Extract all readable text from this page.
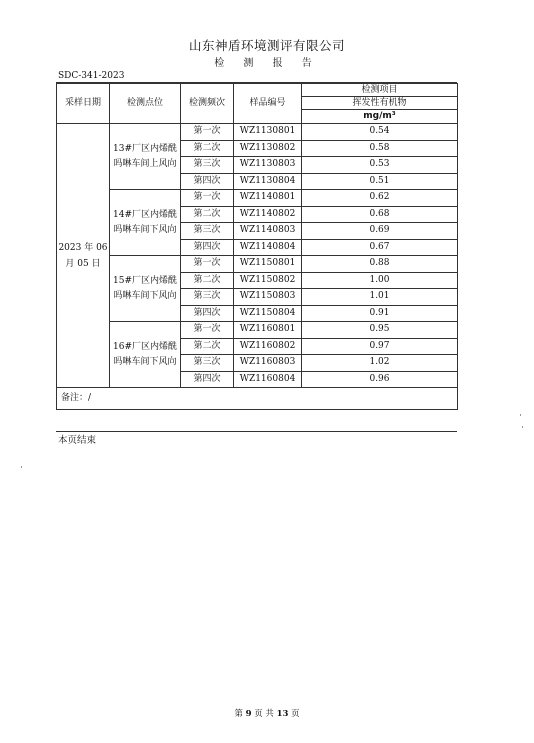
山东神盾环境测评有限公司
检 测 报 告
SDC-341-2023
采样日期	检测点位	检测频次	样品编号	检测项目
				挥发性有机物
				mg/m³
2023 年 06 月 05 日	13#厂区内烯酰吗啉车间上风向	第一次	WZ1130801	0.54
		第二次	WZ1130802	0.58
		第三次	WZ1130803	0.53
		第四次	WZ1130804	0.51
	14#厂区内烯酰吗啉车间下风向	第一次	WZ1140801	0.62
		第二次	WZ1140802	0.68
		第三次	WZ1140803	0.69
		第四次	WZ1140804	0.67
	15#厂区内烯酰吗啉车间下风向	第一次	WZ1150801	0.88
		第二次	WZ1150802	1.00
		第三次	WZ1150803	1.01
		第四次	WZ1150804	0.91
	16#厂区内烯酰吗啉车间下风向	第一次	WZ1160801	0.95
		第二次	WZ1160802	0.97
		第三次	WZ1160803	1.02
		第四次	WZ1160804	0.96
备注：/				
本页结束
第 9 页 共 13 页
